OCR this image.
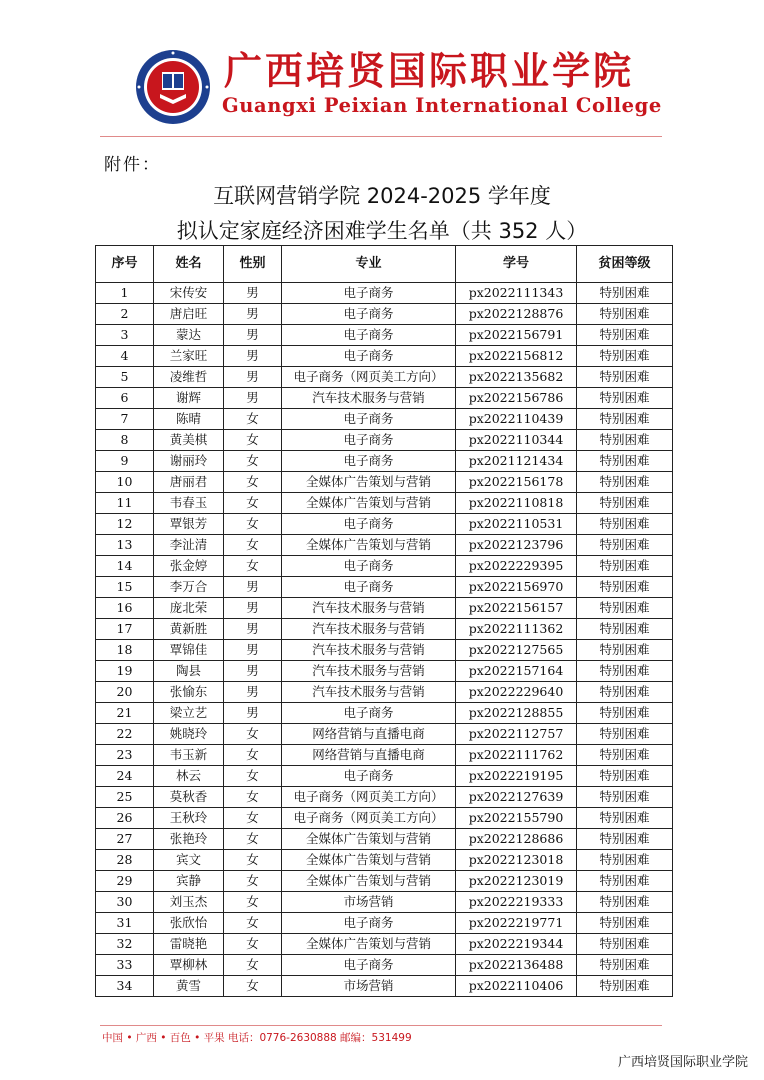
广西培贤国际职业学院
Guangxi Peixian International College
附件：
互联网营销学院 2024-2025 学年度
拟认定家庭经济困难学生名单（共 352 人）
序号	姓名	性别	专业	学号	贫困等级
1	宋传安	男	电子商务	px2022111343	特别困难
2	唐启旺	男	电子商务	px2022128876	特别困难
3	蒙达	男	电子商务	px2022156791	特别困难
4	兰家旺	男	电子商务	px2022156812	特别困难
5	凌维哲	男	电子商务（网页美工方向）	px2022135682	特别困难
6	谢辉	男	汽车技术服务与营销	px2022156786	特别困难
7	陈晴	女	电子商务	px2022110439	特别困难
8	黄美棋	女	电子商务	px2022110344	特别困难
9	谢丽玲	女	电子商务	px2021121434	特别困难
10	唐丽君	女	全媒体广告策划与营销	px2022156178	特别困难
11	韦春玉	女	全媒体广告策划与营销	px2022110818	特别困难
12	覃银芳	女	电子商务	px2022110531	特别困难
13	李沚清	女	全媒体广告策划与营销	px2022123796	特别困难
14	张金婷	女	电子商务	px2022229395	特别困难
15	李万合	男	电子商务	px2022156970	特别困难
16	庞北荣	男	汽车技术服务与营销	px2022156157	特别困难
17	黄新胜	男	汽车技术服务与营销	px2022111362	特别困难
18	覃锦佳	男	汽车技术服务与营销	px2022127565	特别困难
19	陶县	男	汽车技术服务与营销	px2022157164	特别困难
20	张愉东	男	汽车技术服务与营销	px2022229640	特别困难
21	梁立艺	男	电子商务	px2022128855	特别困难
22	姚晓玲	女	网络营销与直播电商	px2022112757	特别困难
23	韦玉新	女	网络营销与直播电商	px2022111762	特别困难
24	林云	女	电子商务	px2022219195	特别困难
25	莫秋香	女	电子商务（网页美工方向）	px2022127639	特别困难
26	王秋玲	女	电子商务（网页美工方向）	px2022155790	特别困难
27	张艳玲	女	全媒体广告策划与营销	px2022128686	特别困难
28	宾文	女	全媒体广告策划与营销	px2022123018	特别困难
29	宾静	女	全媒体广告策划与营销	px2022123019	特别困难
30	刘玉杰	女	市场营销	px2022219333	特别困难
31	张欣怡	女	电子商务	px2022219771	特别困难
32	雷晓艳	女	全媒体广告策划与营销	px2022219344	特别困难
33	覃柳林	女	电子商务	px2022136488	特别困难
34	黄雪	女	市场营销	px2022110406	特别困难
中国 • 广西 • 百色 • 平果 电话：0776-2630888 邮编：531499
广西培贤国际职业学院
